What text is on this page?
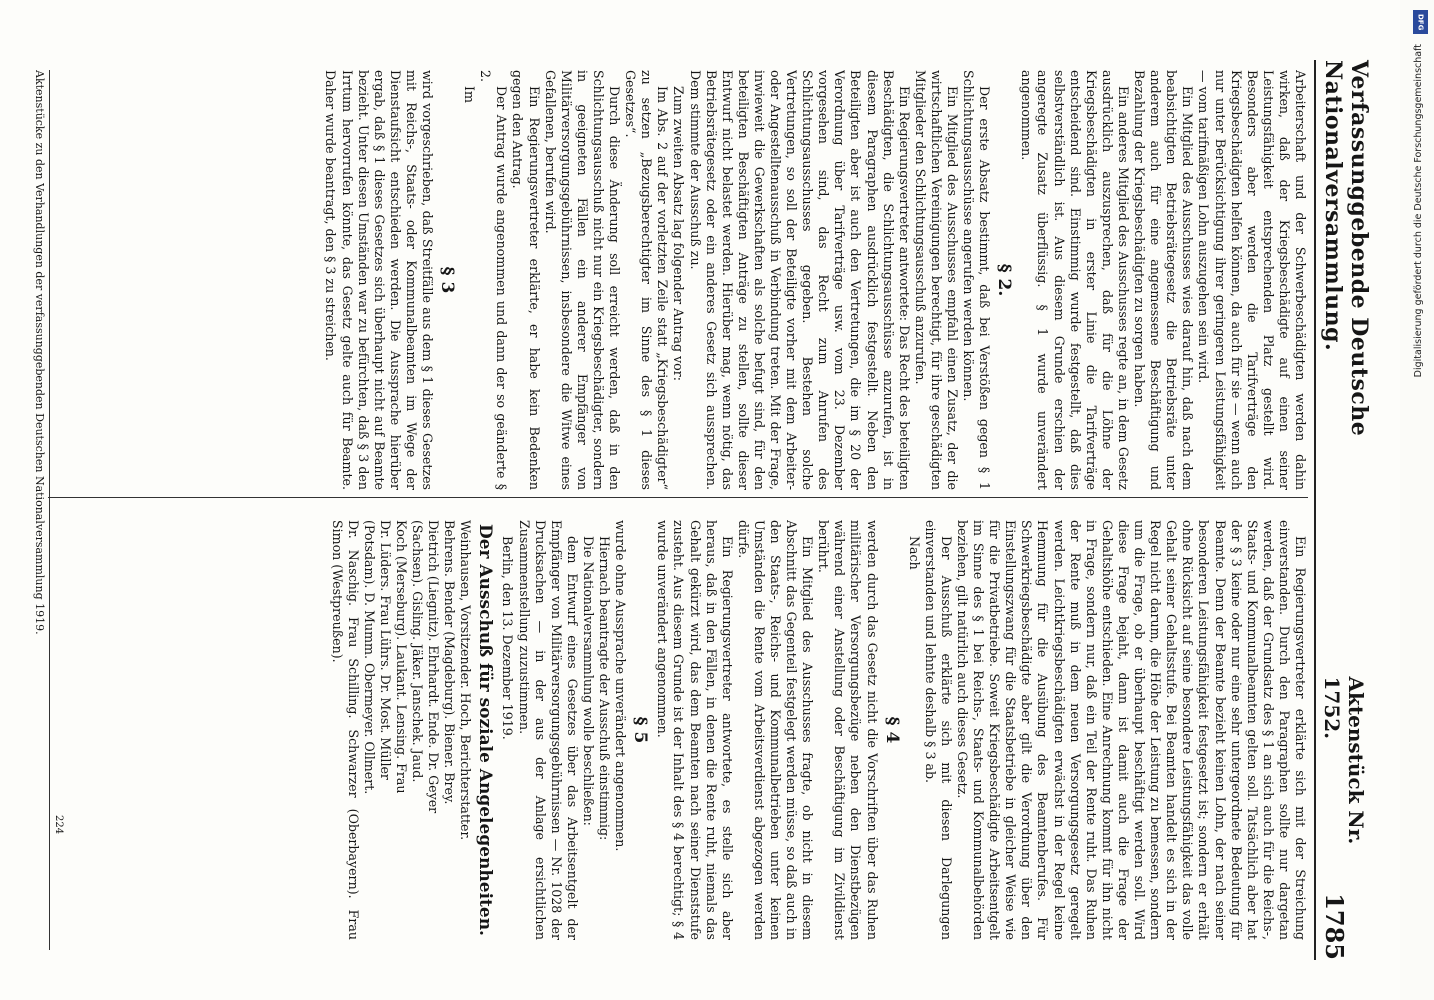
Verfassunggebende Deutsche Nationalversammlung.
Aktenstück Nr. 1752.
1785

Arbeiterschaft und der Schwerbeschädigten werden dahin wirken, daß der Kriegsbeschädigte auf einen seiner Leistungsfähigkeit entsprechenden Platz gestellt wird. Besonders aber werden die Tarifverträge den Kriegsbeschädigten helfen können, da auch für sie — wenn auch nur unter Berücksichtigung ihrer geringeren Leistungsfähigkeit — vom tarifmäßigen Lohn auszugehen sein wird.

Ein Mitglied des Ausschusses wies darauf hin, daß nach dem beabsichtigten Betriebsrätegesetz die Betriebsräte unter anderem auch für eine angemessene Beschäftigung und Bezahlung der Kriegsbeschädigten zu sorgen haben.

Ein anderes Mitglied des Ausschusses regte an, in dem Gesetz ausdrücklich auszusprechen, daß für die Löhne der Kriegsbeschädigten in erster Linie die Tarifverträge entscheidend sind. Einstimmig wurde festgestellt, daß dies selbstverständlich ist. Aus diesem Grunde erschien der angeregte Zusatz überflüssig. § 1 wurde unverändert angenommen.

§ 2.

Der erste Absatz bestimmt, daß bei Verstößen gegen § 1 Schlichtungsausschüsse angerufen werden können.

Ein Mitglied des Ausschusses empfahl einen Zusatz, der die wirtschaftlichen Vereinigungen berechtigt, für ihre geschädigten Mitglieder den Schlichtungsausschuß anzurufen.

Ein Regierungsvertreter antwortete: Das Recht des beteiligten Beschädigten, die Schlichtungsausschüsse anzurufen, ist in diesem Paragraphen ausdrücklich festgestellt. Neben den Beteiligten aber ist auch den Vertretungen, die im § 20 der Verordnung über Tarifverträge usw. vom 23. Dezember vorgesehen sind, das Recht zum Anrufen des Schlichtungsausschusses gegeben. Bestehen solche Vertretungen, so soll der Beteiligte vorher mit dem Arbeiter- oder Angestelltenausschuß in Verbindung treten. Mit der Frage, inwieweit die Gewerkschaften als solche befugt sind, für den beteiligten Beschäftigten Anträge zu stellen, sollte dieser Entwurf nicht belastet werden. Hierüber mag, wenn nötig, das Betriebsrätegesetz oder ein anderes Gesetz sich aussprechen. Dem stimmte der Ausschuß zu.

Zum zweiten Absatz lag folgender Antrag vor:

Im Abs. 2 auf der vorletzten Zeile statt „Kriegsbeschädigter“ zu setzen „Bezugsberechtigter im Sinne des § 1 dieses Gesetzes“.

Durch diese Änderung soll erreicht werden, daß in den Schlichtungsausschuß nicht nur ein Kriegsbeschädigter, sondern in geeigneten Fällen ein anderer Empfänger von Militärversorgungsgebührnissen, insbesondere die Witwe eines Gefallenen, berufen wird.

Ein Regierungsvertreter erklärte, er habe kein Bedenken gegen den Antrag.

Der Antrag wurde angenommen und dann der so geänderte § 2.

Im

§ 3

wird vorgeschrieben, daß Streitfälle aus dem § 1 dieses Gesetzes mit Reichs-, Staats- oder Kommunalbeamten im Wege der Dienstaufsicht entschieden werden. Die Aussprache hierüber ergab, daß § 1 dieses Gesetzes sich überhaupt nicht auf Beamte bezieht. Unter diesen Umständen war zu befürchten, daß § 3 den Irrtum hervorrufen könnte, das Gesetz gelte auch für Beamte. Daher wurde beantragt, den § 3 zu streichen.

Ein Regierungsvertreter erklärte sich mit der Streichung einverstanden. Durch den Paragraphen sollte nur dargetan werden, daß der Grundsatz des § 1 an sich auch für die Reichs-, Staats- und Kommunalbeamten gelten soll. Tatsächlich aber hat der § 3 keine oder nur eine sehr untergeordnete Bedeutung für Beamte. Denn der Beamte bezieht keinen Lohn, der nach seiner besonderen Leistungsfähigkeit festgesetzt ist; sondern er erhält ohne Rücksicht auf seine besondere Leistungsfähigkeit das volle Gehalt seiner Gehaltsstufe. Bei Beamten handelt es sich in der Regel nicht darum, die Höhe der Leistung zu bemessen, sondern um die Frage, ob er überhaupt beschäftigt werden soll. Wird diese Frage bejaht, dann ist damit auch die Frage der Gehaltshöhe entschieden. Eine Anrechnung kommt für ihn nicht in Frage, sondern nur, daß ein Teil der Rente ruht. Das Ruhen der Rente muß in dem neuen Versorgungsgesetz geregelt werden. Leichtkriegsbeschädigten erwächst in der Regel keine Hemmung für die Ausübung des Beamtenberufes. Für Schwerkriegsbeschädigte aber gilt die Verordnung über den Einstellungszwang für die Staatsbetriebe in gleicher Weise wie für die Privatbetriebe. Soweit Kriegsbeschädigte Arbeitsentgelt im Sinne des § 1 bei Reichs-, Staats- und Kommunalbehörden beziehen, gilt natürlich auch dieses Gesetz.

Der Ausschuß erklärte sich mit diesen Darlegungen einverstanden und lehnte deshalb § 3 ab.

Nach

§ 4

werden durch das Gesetz nicht die Vorschriften über das Ruhen militärischer Versorgungsbezüge neben den Dienstbezügen während einer Anstellung oder Beschäftigung im Zivildienst berührt.

Ein Mitglied des Ausschusses fragte, ob nicht in diesem Abschnitt das Gegenteil festgelegt werden müsse, so daß auch in den Staats-, Reichs- und Kommunalbetrieben unter keinen Umständen die Rente vom Arbeitsverdienst abgezogen werden dürfe.

Ein Regierungsvertreter antwortete, es stelle sich aber heraus, daß in den Fällen, in denen die Rente ruht, niemals das Gehalt gekürzt wird, das dem Beamten nach seiner Dienststufe zusteht. Aus diesem Grunde ist der Inhalt des § 4 berechtigt; § 4 wurde unverändert angenommen.

§ 5

wurde ohne Aussprache unverändert angenommen.

Hiernach beantragte der Ausschuß einstimmig:

Die Nationalversammlung wolle beschließen:

dem Entwurf eines Gesetzes über das Arbeitsentgelt der Empfänger von Militärversorgungsgebührnissen — Nr. 1028 der Drucksachen — in der aus der Anlage ersichtlichen Zusammenstellung zuzustimmen.

Berlin, den 13. Dezember 1919.

Der Ausschuß für soziale Angelegenheiten.

Weinhausen, Vorsitzender. Hoch, Berichterstatter.

Behrens. Bender (Magdeburg). Biener. Brey.

Dietrich (Liegnitz). Ehrhardt. Ende. Dr. Geyer

(Sachsen). Gisling. Jäker. Janschek. Jaud.

Koch (Merseburg). Laukant. Lensing. Frau

Dr. Lüders. Frau Lührs. Dr. Most. Müller

(Potsdam). D. Mumm. Obermeyer. Ollmert.

Dr. Naschig. Frau Schilling. Schwarzer (Oberbayern). Frau Simon (Westpreußen).

224
Aktenstücke zu den Verhandlungen der verfassunggebenden Deutschen Nationalversammlung 1919.
DFG
Digitalisierung gefördert durch die Deutsche Forschungsgemeinschaft
